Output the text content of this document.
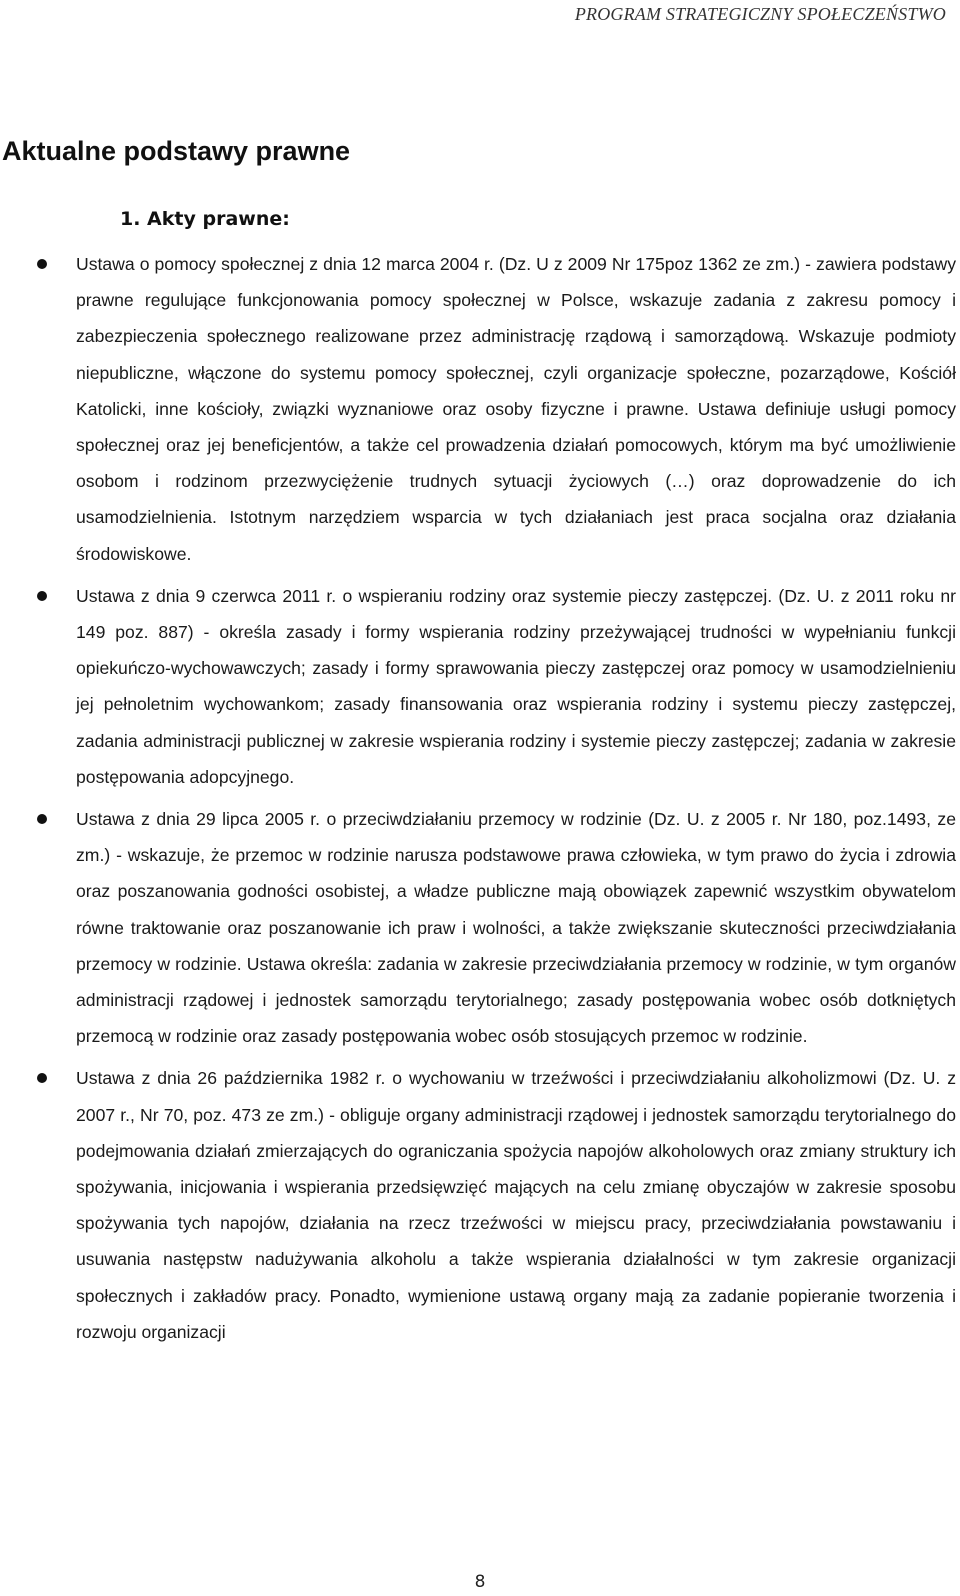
PROGRAM STRATEGICZNY SPOŁECZEŃSTWO
Aktualne podstawy prawne
1. Akty prawne:
Ustawa o pomocy społecznej z dnia 12 marca 2004 r. (Dz. U z 2009 Nr 175poz 1362 ze zm.) - zawiera podstawy prawne regulujące funkcjonowania pomocy społecznej w Polsce, wskazuje zadania z zakresu pomocy i zabezpieczenia społecznego realizowane przez administrację rządową i samorządową. Wskazuje podmioty niepubliczne, włączone do systemu pomocy społecznej, czyli organizacje społeczne, pozarządowe, Kościół Katolicki, inne kościoły, związki wyznaniowe oraz osoby fizyczne i prawne. Ustawa definiuje usługi pomocy społecznej oraz jej beneficjentów, a także cel prowadzenia działań pomocowych, którym ma być umożliwienie osobom i rodzinom przezwyciężenie trudnych sytuacji życiowych (…) oraz doprowadzenie do ich usamodzielnienia. Istotnym narzędziem wsparcia w tych działaniach jest praca socjalna oraz działania środowiskowe.
Ustawa z dnia 9 czerwca 2011 r. o wspieraniu rodziny oraz systemie pieczy zastępczej. (Dz. U. z 2011 roku nr 149 poz. 887) - określa zasady i formy wspierania rodziny przeżywającej trudności w wypełnianiu funkcji opiekuńczo-wychowawczych; zasady i formy sprawowania pieczy zastępczej oraz pomocy w usamodzielnieniu jej pełnoletnim wychowankom; zasady finansowania oraz wspierania rodziny i systemu pieczy zastępczej, zadania administracji publicznej w zakresie wspierania rodziny i systemie pieczy zastępczej; zadania w zakresie postępowania adopcyjnego.
Ustawa z dnia 29 lipca 2005 r. o przeciwdziałaniu przemocy w rodzinie (Dz. U. z 2005 r. Nr 180, poz.1493, ze zm.) - wskazuje, że przemoc w rodzinie narusza podstawowe prawa człowieka, w tym prawo do życia i zdrowia oraz poszanowania godności osobistej, a władze publiczne mają obowiązek zapewnić wszystkim obywatelom równe traktowanie oraz poszanowanie ich praw i wolności, a także zwiększanie skuteczności przeciwdziałania przemocy w rodzinie. Ustawa określa: zadania w zakresie przeciwdziałania przemocy w rodzinie, w tym organów administracji rządowej i jednostek samorządu terytorialnego; zasady postępowania wobec osób dotkniętych przemocą w rodzinie oraz zasady postępowania wobec osób stosujących przemoc w rodzinie.
Ustawa z dnia 26 października 1982 r. o wychowaniu w trzeźwości i przeciwdziałaniu alkoholizmowi (Dz. U. z 2007 r., Nr 70, poz. 473 ze zm.) - obliguje organy administracji rządowej i jednostek samorządu terytorialnego do podejmowania działań zmierzających do ograniczania spożycia napojów alkoholowych oraz zmiany struktury ich spożywania, inicjowania i wspierania przedsięwzięć mających na celu zmianę obyczajów w zakresie sposobu spożywania tych napojów, działania na rzecz trzeźwości w miejscu pracy, przeciwdziałania powstawaniu i usuwania następstw nadużywania alkoholu a także wspierania działalności w tym zakresie organizacji społecznych i zakładów pracy. Ponadto, wymienione ustawą organy mają za zadanie popieranie tworzenia i rozwoju organizacji
8
